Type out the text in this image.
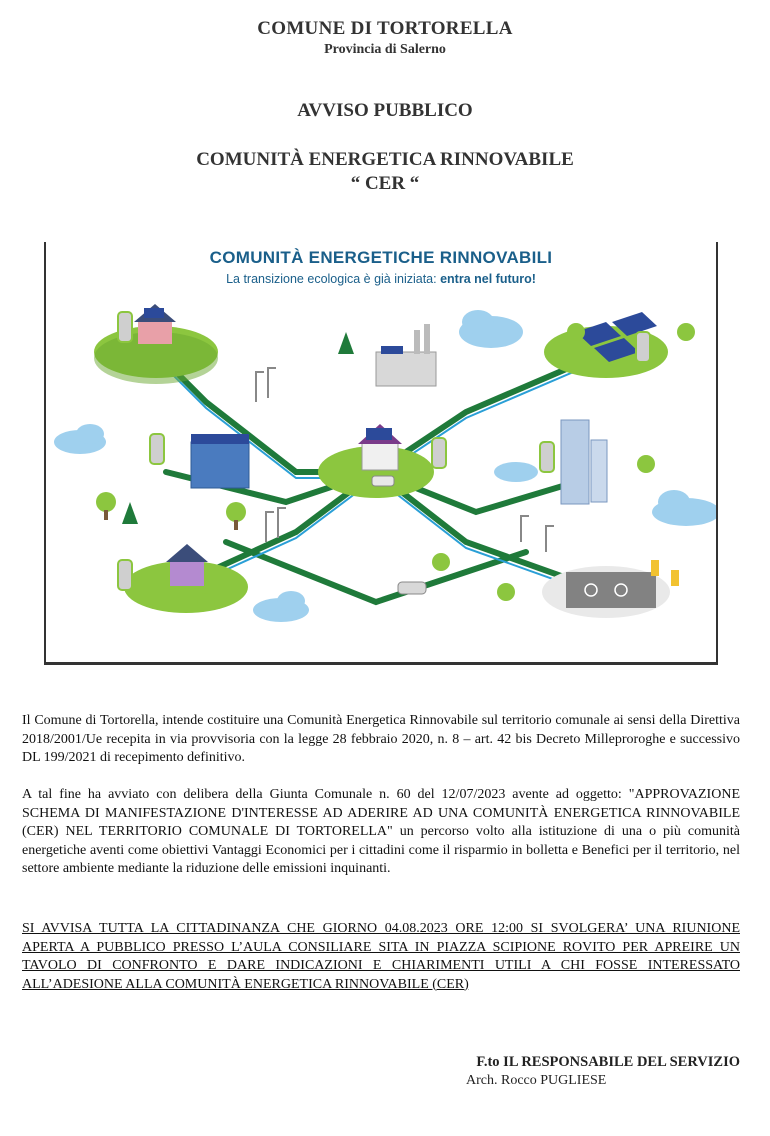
COMUNE DI TORTORELLA
Provincia di Salerno
AVVISO PUBBLICO
COMUNITÀ ENERGETICA RINNOVABILE
“ CER “
COMUNITÀ ENERGETICHE RINNOVABILI
La transizione ecologica è già iniziata: entra nel futuro!
Il Comune di Tortorella, intende costituire una Comunità Energetica Rinnovabile sul territorio comunale ai sensi della Direttiva 2018/2001/Ue recepita in via provvisoria con la legge 28 febbraio 2020, n. 8 – art. 42 bis Decreto Milleproroghe e successivo DL 199/2021 di recepimento definitivo.
A tal fine ha avviato con delibera della Giunta Comunale n. 60 del 12/07/2023 avente ad oggetto: "APPROVAZIONE SCHEMA DI MANIFESTAZIONE D'INTERESSE AD ADERIRE AD UNA COMUNITÀ ENERGETICA RINNOVABILE (CER) NEL TERRITORIO COMUNALE DI TORTORELLA" un percorso volto alla istituzione di una o più comunità energetiche aventi come obiettivi Vantaggi Economici per i cittadini come il risparmio in bolletta e Benefici per il territorio, nel settore ambiente mediante la riduzione delle emissioni inquinanti.
SI AVVISA TUTTA LA CITTADINANZA CHE GIORNO 04.08.2023 ORE 12:00 SI SVOLGERA’ UNA RIUNIONE APERTA A PUBBLICO PRESSO L’AULA CONSILIARE SITA IN PIAZZA SCIPIONE ROVITO PER APREIRE UN TAVOLO DI CONFRONTO E DARE INDICAZIONI E CHIARIMENTI UTILI A CHI FOSSE INTERESSATO ALL’ADESIONE ALLA COMUNITÀ ENERGETICA RINNOVABILE (CER)
F.to IL RESPONSABILE DEL SERVIZIO
Arch. Rocco PUGLIESE
